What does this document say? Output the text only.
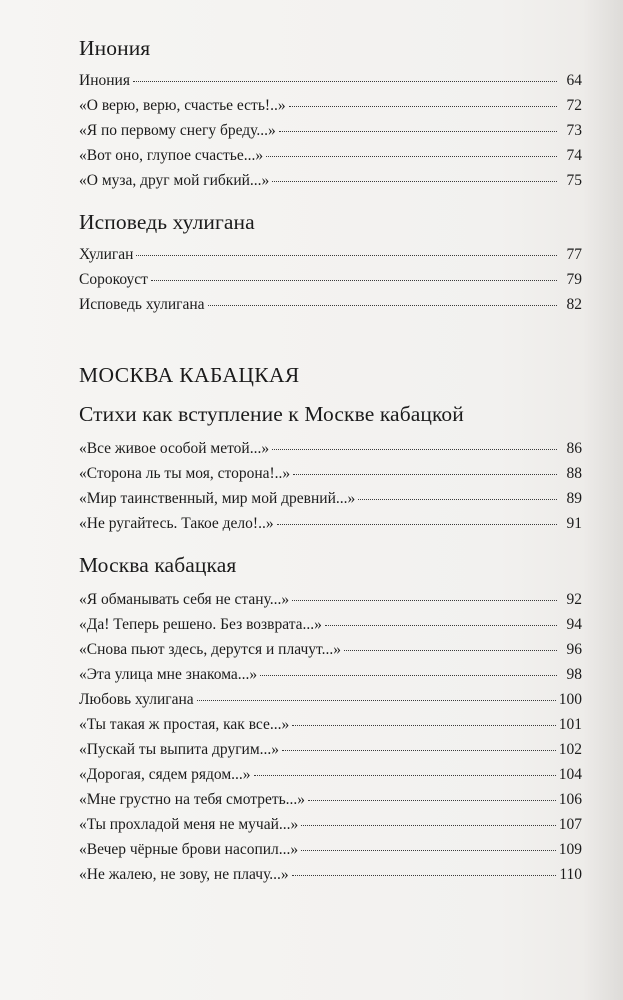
Инония
Инония	64
«О верю, верю, счастье есть!..»	72
«Я по первому снегу бреду...»	73
«Вот оно, глупое счастье...»	74
«О муза, друг мой гибкий...»	75
Исповедь хулигана
Хулиган	77
Сорокоуст	79
Исповедь хулигана	82
МОСКВА КАБАЦКАЯ
Стихи как вступление к Москве кабацкой
«Все живое особой метой...»	86
«Сторона ль ты моя, сторона!..»	88
«Мир таинственный, мир мой древний...»	89
«Не ругайтесь. Такое дело!..»	91
Москва кабацкая
«Я обманывать себя не стану...»	92
«Да! Теперь решено. Без возврата...»	94
«Снова пьют здесь, дерутся и плачут...»	96
«Эта улица мне знакома...»	98
Любовь хулигана	100
«Ты такая ж простая, как все...»	101
«Пускай ты выпита другим...»	102
«Дорогая, сядем рядом...»	104
«Мне грустно на тебя смотреть...»	106
«Ты прохладой меня не мучай...»	107
«Вечер чёрные брови насопил...»	109
«Не жалею, не зову, не плачу...»	110
